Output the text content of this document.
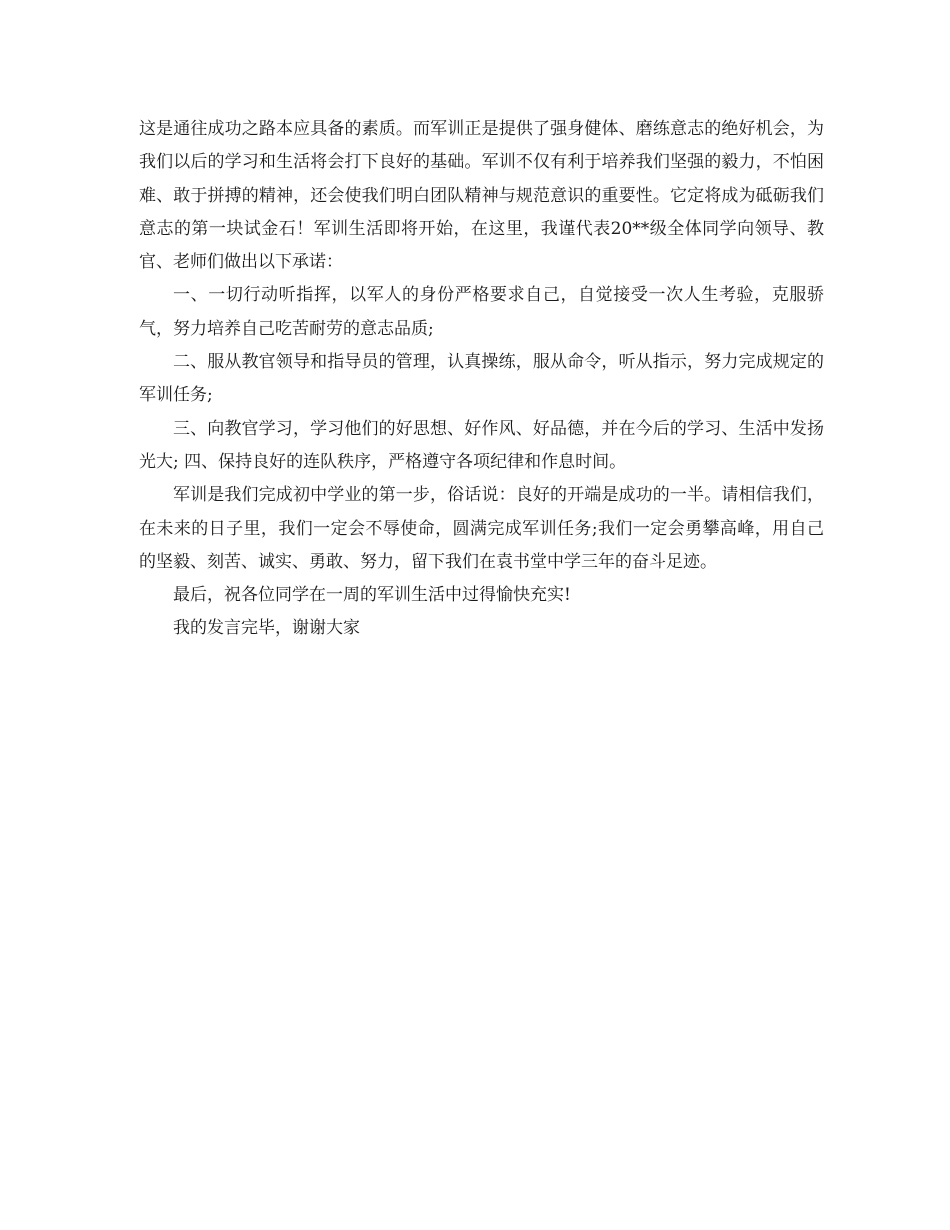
这是通往成功之路本应具备的素质。而军训正是提供了强身健体、磨练意志的绝好机会，为我们以后的学习和生活将会打下良好的基础。军训不仅有利于培养我们坚强的毅力，不怕困难、敢于拼搏的精神，还会使我们明白团队精神与规范意识的重要性。它定将成为砥砺我们意志的第一块试金石！军训生活即将开始，在这里，我谨代表20**级全体同学向领导、教官、老师们做出以下承诺：

一、一切行动听指挥，以军人的身份严格要求自己，自觉接受一次人生考验，克服骄气，努力培养自己吃苦耐劳的意志品质;

二、服从教官领导和指导员的管理，认真操练，服从命令，听从指示，努力完成规定的军训任务;

三、向教官学习，学习他们的好思想、好作风、好品德，并在今后的学习、生活中发扬光大; 四、保持良好的连队秩序，严格遵守各项纪律和作息时间。

军训是我们完成初中学业的第一步，俗话说：良好的开端是成功的一半。请相信我们，在未来的日子里，我们一定会不辱使命，圆满完成军训任务;我们一定会勇攀高峰，用自己的坚毅、刻苦、诚实、勇敢、努力，留下我们在袁书堂中学三年的奋斗足迹。

最后，祝各位同学在一周的军训生活中过得愉快充实!

我的发言完毕，谢谢大家
